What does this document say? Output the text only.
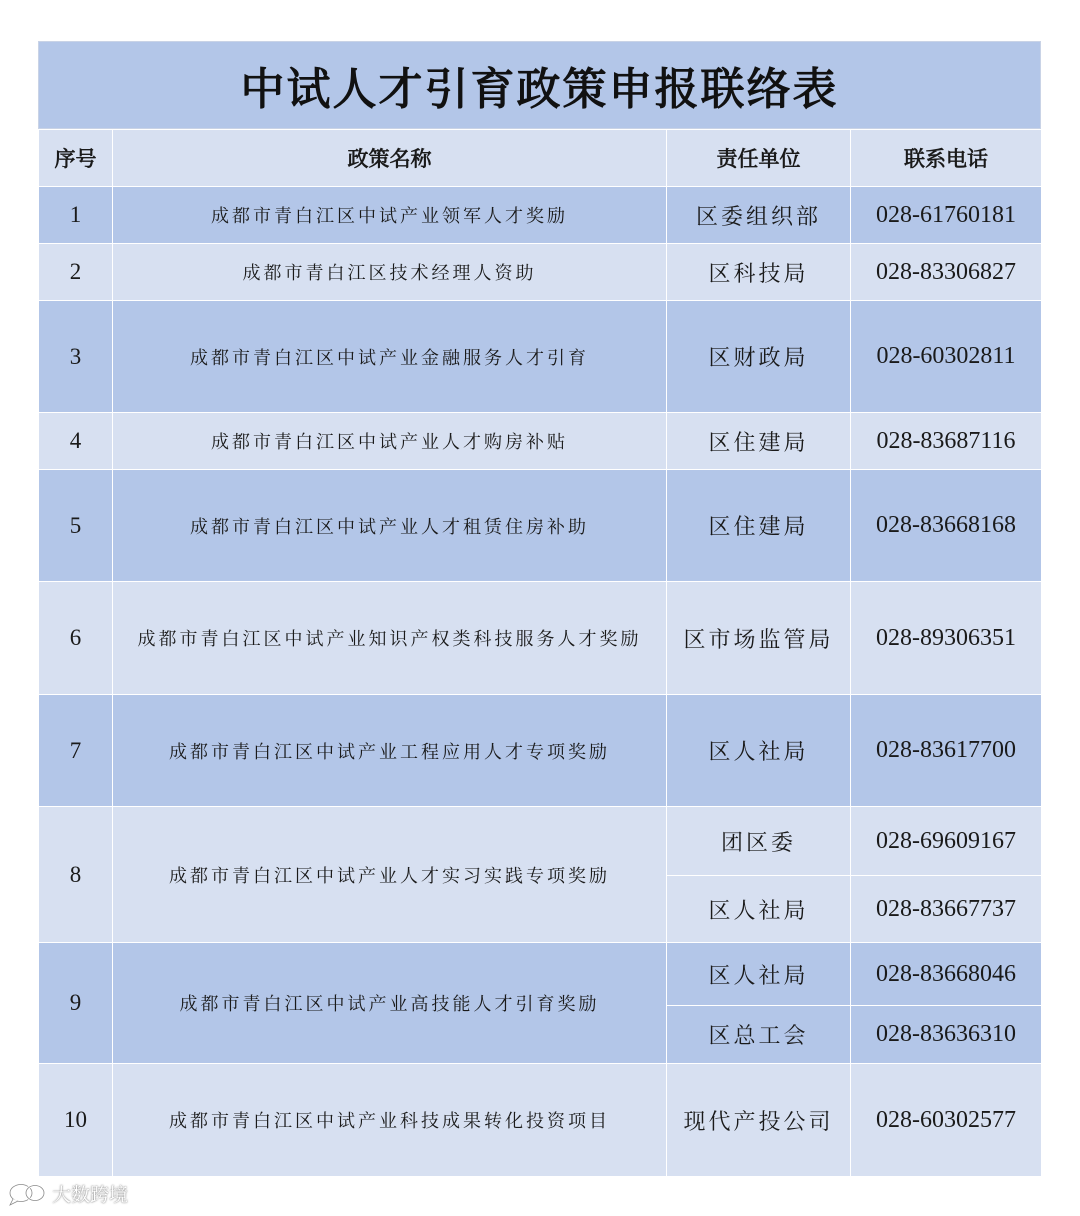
中试人才引育政策申报联络表
序号	政策名称	责任单位	联系电话
1	成都市青白江区中试产业领军人才奖励	区委组织部	028-61760181
2	成都市青白江区技术经理人资助	区科技局	028-83306827
3	成都市青白江区中试产业金融服务人才引育	区财政局	028-60302811
4	成都市青白江区中试产业人才购房补贴	区住建局	028-83687116
5	成都市青白江区中试产业人才租赁住房补助	区住建局	028-83668168
6	成都市青白江区中试产业知识产权类科技服务人才奖励	区市场监管局	028-89306351
7	成都市青白江区中试产业工程应用人才专项奖励	区人社局	028-83617700
8	成都市青白江区中试产业人才实习实践专项奖励	团区委	028-69609167
		区人社局	028-83667737
9	成都市青白江区中试产业高技能人才引育奖励	区人社局	028-83668046
		区总工会	028-83636310
10	成都市青白江区中试产业科技成果转化投资项目	现代产投公司	028-60302577
大数跨境
